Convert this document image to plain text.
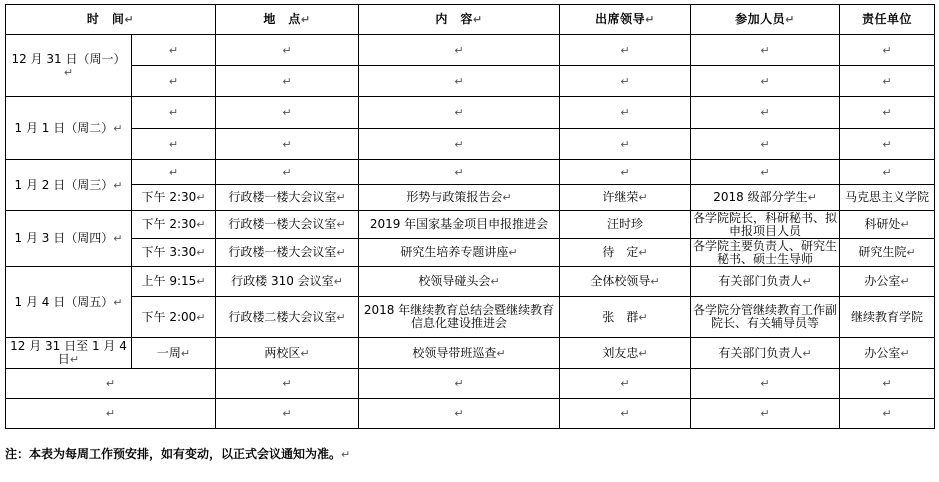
时　间↵		地　点↵	内　容↵	出席领导↵	参加人员↵	责任单位
12 月 31 日（周一）↵	↵	↵	↵	↵	↵	↵
	↵	↵	↵	↵	↵	↵
1 月 1 日（周二）↵	↵	↵	↵	↵	↵	↵
	↵	↵	↵	↵	↵	↵
1 月 2 日（周三）↵	↵	↵	↵	↵	↵	↵
	下午 2:30↵	行政楼一楼大会议室↵	形势与政策报告会↵	许继荣↵	2018 级部分学生↵	马克思主义学院
1 月 3 日（周四）↵	下午 2:30↵	行政楼一楼大会议室↵	2019 年国家基金项目申报推进会	汪时珍	各学院院长，科研秘书、拟申报项目人员	科研处↵
	下午 3:30↵	行政楼一楼大会议室↵	研究生培养专题讲座↵	待　定↵	各学院主要负责人、研究生秘书、硕士生导师	研究生院↵
1 月 4 日（周五）↵	上午 9:15↵	行政楼 310 会议室↵	校领导碰头会↵	全体校领导↵	有关部门负责人↵	办公室↵
	下午 2:00↵	行政楼二楼大会议室↵	2018 年继续教育总结会暨继续教育信息化建设推进会	张　群↵	各学院分管继续教育工作副院长、有关辅导员等	继续教育学院
12 月 31 日至 1 月 4 日↵	一周↵	两校区↵	校领导带班巡查↵	刘友忠↵	有关部门负责人↵	办公室↵
↵		↵	↵	↵	↵	↵
↵		↵	↵	↵	↵	↵
注：本表为每周工作预安排，如有变动，以正式会议通知为准。↵
